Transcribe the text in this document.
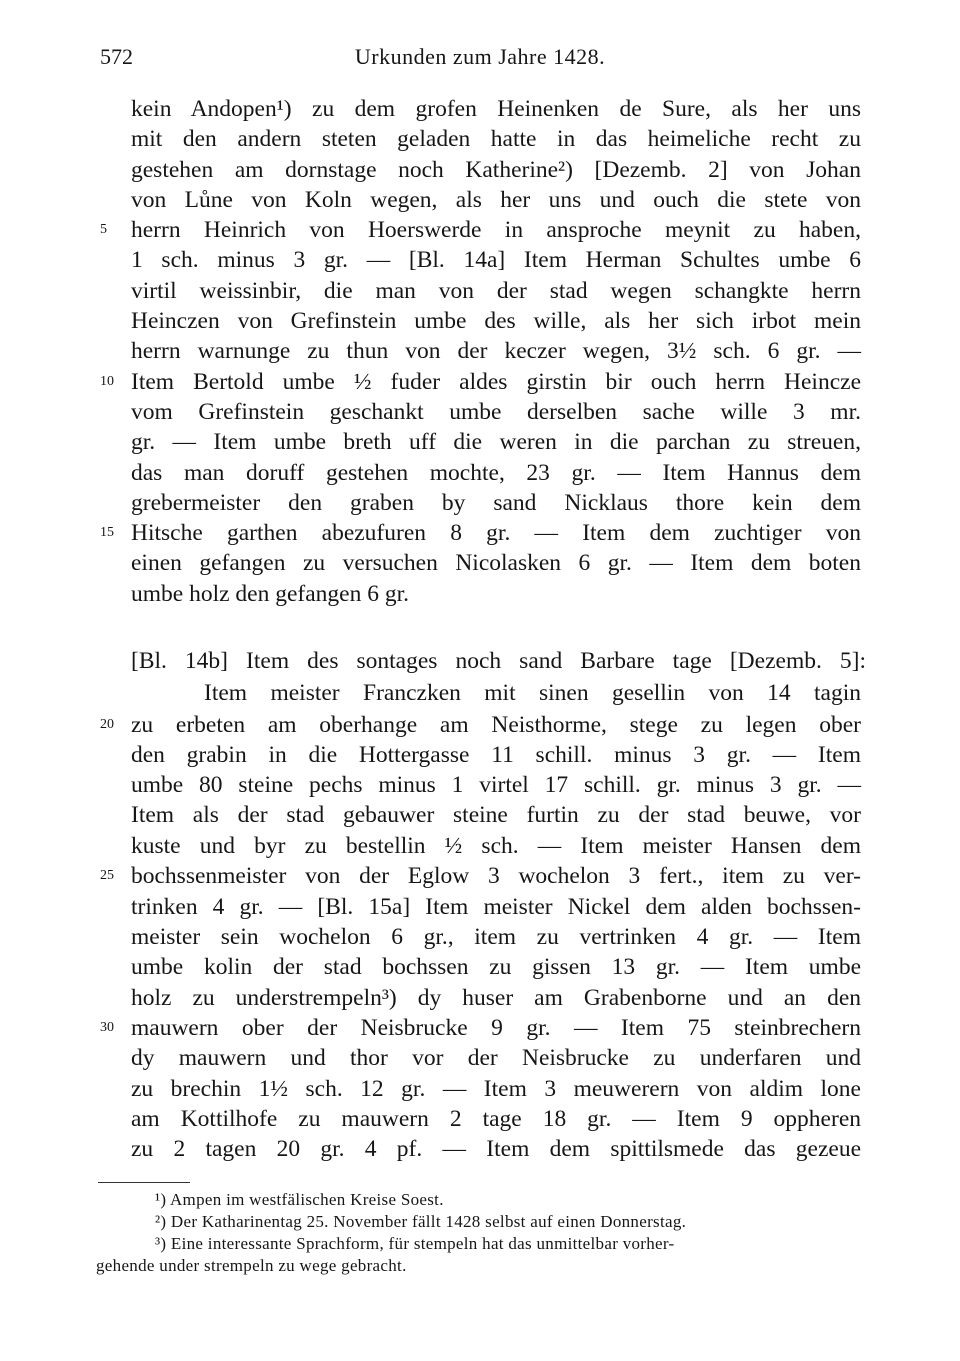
572	Urkunden zum Jahre 1428.
kein Andopen¹) zu dem grofen Heinenken de Sure, als her uns
mit den andern steten geladen hatte in das heimeliche recht zu
gestehen am dornstage noch Katherine²) [Dezemb. 2] von Johan
von Lůne von Koln wegen, als her uns und ouch die stete von
herrn Heinrich von Hoerswerde in ansproche meynit zu haben,
1 sch. minus 3 gr. — [Bl. 14a] Item Herman Schultes umbe 6
virtil weissinbir, die man von der stad wegen schangkte herrn
Heinczen von Grefinstein umbe des wille, als her sich irbot mein
herrn warnunge zu thun von der keczer wegen, 3½ sch. 6 gr. —
Item Bertold umbe ½ fuder aldes girstin bir ouch herrn Heincze
vom Grefinstein geschankt umbe derselben sache wille 3 mr.
gr. — Item umbe breth uff die weren in die parchan zu streuen,
das man doruff gestehen mochte, 23 gr. — Item Hannus dem
grebermeister den graben by sand Nicklaus thore kein dem
Hitsche garthen abezufuren 8 gr. — Item dem zuchtiger von
einen gefangen zu versuchen Nicolasken 6 gr. — Item dem boten
umbe holz den gefangen 6 gr.
[Bl. 14b] Item des sontages noch sand Barbare tage [Dezemb. 5]:
Item meister Franczken mit sinen gesellin von 14 tagin
zu erbeten am oberhange am Neisthorme, stege zu legen ober
den grabin in die Hottergasse 11 schill. minus 3 gr. — Item
umbe 80 steine pechs minus 1 virtel 17 schill. gr. minus 3 gr. —
Item als der stad gebauwer steine furtin zu der stad beuwe, vor
kuste und byr zu bestellin ½ sch. — Item meister Hansen dem
bochssenmeister von der Eglow 3 wochelon 3 fert., item zu ver-
trinken 4 gr. — [Bl. 15a] Item meister Nickel dem alden bochssen-
meister sein wochelon 6 gr., item zu vertrinken 4 gr. — Item
umbe kolin der stad bochssen zu gissen 13 gr. — Item umbe
holz zu understrempeln³) dy huser am Grabenborne und an den
mauwern ober der Neisbrucke 9 gr. — Item 75 steinbrechern
dy mauwern und thor vor der Neisbrucke zu underfaren und
zu brechin 1½ sch. 12 gr. — Item 3 meuwerern von aldim lone
am Kottilhofe zu mauwern 2 tage 18 gr. — Item 9 oppheren
zu 2 tagen 20 gr. 4 pf. — Item dem spittilsmede das gezeue
5
10
15
20
25
30
¹) Ampen im westfälischen Kreise Soest.
²) Der Katharinentag 25. November fällt 1428 selbst auf einen Donnerstag.
³) Eine interessante Sprachform, für stempeln hat das unmittelbar vorher-
gehende under strempeln zu wege gebracht.
